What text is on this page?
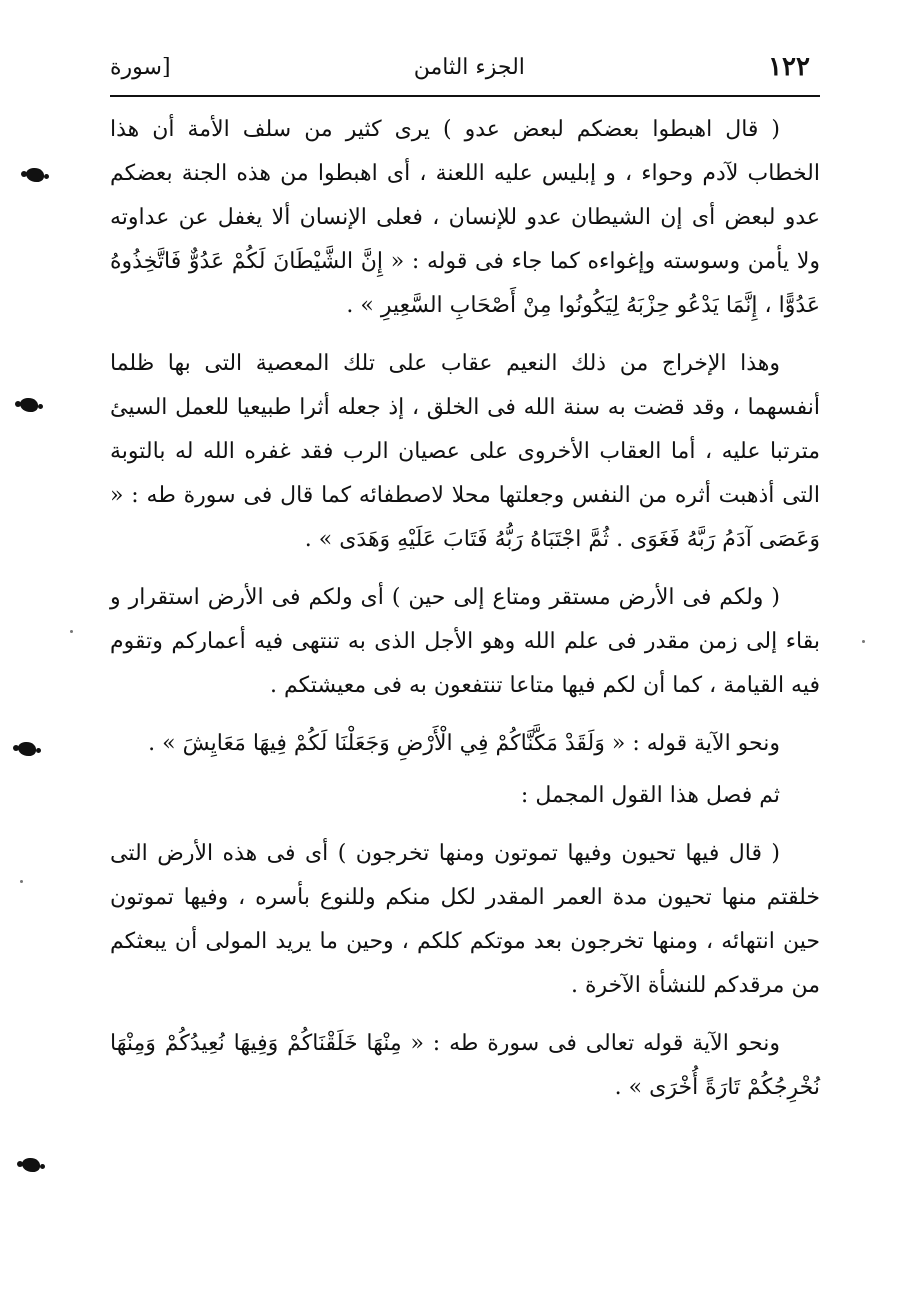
[سورة	الجزء الثامن	١٢٢

( قال اهبطوا بعضكم لبعض عدو ) يرى كثير من سلف الأمة أن هذا الخطاب لآدم وحواء ، و إبليس عليه اللعنة ، أى اهبطوا من هذه الجنة بعضكم عدو لبعض أى إن الشيطان عدو للإنسان ، فعلى الإنسان ألا يغفل عن عداوته ولا يأمن وسوسته وإغواءه كما جاء فى قوله : « إِنَّ الشَّيْطَانَ لَكُمْ عَدُوٌّ فَاتَّخِذُوهُ عَدُوًّا ، إِنَّمَا يَدْعُو حِزْبَهُ لِيَكُونُوا مِنْ أَصْحَابِ السَّعِيرِ » .

وهذا الإخراج من ذلك النعيم عقاب على تلك المعصية التى بها ظلما أنفسهما ، وقد قضت به سنة الله فى الخلق ، إذ جعله أثرا طبيعيا للعمل السيئ مترتبا عليه ، أما العقاب الأخروى على عصيان الرب فقد غفره الله له بالتوبة التى أذهبت أثره من النفس وجعلتها محلا لاصطفائه كما قال فى سورة طه : « وَعَصَى آدَمُ رَبَّهُ فَغَوَى . ثُمَّ اجْتَبَاهُ رَبُّهُ فَتَابَ عَلَيْهِ وَهَدَى » .

( ولكم فى الأرض مستقر ومتاع إلى حين ) أى ولكم فى الأرض استقرار و بقاء إلى زمن مقدر فى علم الله وهو الأجل الذى به تنتهى فيه أعماركم وتقوم فيه القيامة ، كما أن لكم فيها متاعا تنتفعون به فى معيشتكم .

ونحو الآية قوله : « وَلَقَدْ مَكَّنَّاكُمْ فِي الْأَرْضِ وَجَعَلْنَا لَكُمْ فِيهَا مَعَايِشَ » .

ثم فصل هذا القول المجمل :

( قال فيها تحيون وفيها تموتون ومنها تخرجون ) أى فى هذه الأرض التى خلقتم منها تحيون مدة العمر المقدر لكل منكم وللنوع بأسره ، وفيها تموتون حين انتهائه ، ومنها تخرجون بعد موتكم كلكم ، وحين ما يريد المولى أن يبعثكم من مرقدكم للنشأة الآخرة .

ونحو الآية قوله تعالى فى سورة طه : « مِنْهَا خَلَقْنَاكُمْ وَفِيهَا نُعِيدُكُمْ وَمِنْهَا نُخْرِجُكُمْ تَارَةً أُخْرَى » .
